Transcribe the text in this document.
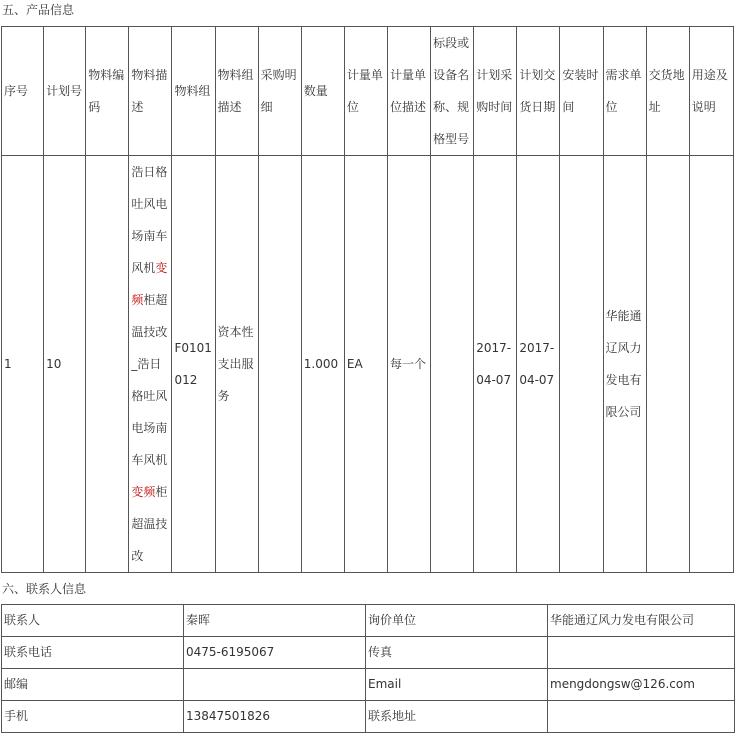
五、产品信息
序号	计划号	物料编码	物料描述	物料组	物料组描述	采购明细	数量	计量单位	计量单位描述	标段或设备名称、规格型号	计划采购时间	计划交货日期	安装时间	需求单位	交货地址	用途及说明
1	10		浩日格吐风电场南车风机变频柜超温技改_浩日格吐风电场南车风机变频柜超温技改	F0101012	资本性支出服务		1.000	EA	每一个		2017-04-07	2017-04-07		华能通辽风力发电有限公司		
六、联系人信息
联系人	秦晖	询价单位	华能通辽风力发电有限公司
联系电话	0475-6195067	传真	
邮编		Email	mengdongsw@126.com
手机	13847501826	联系地址	
